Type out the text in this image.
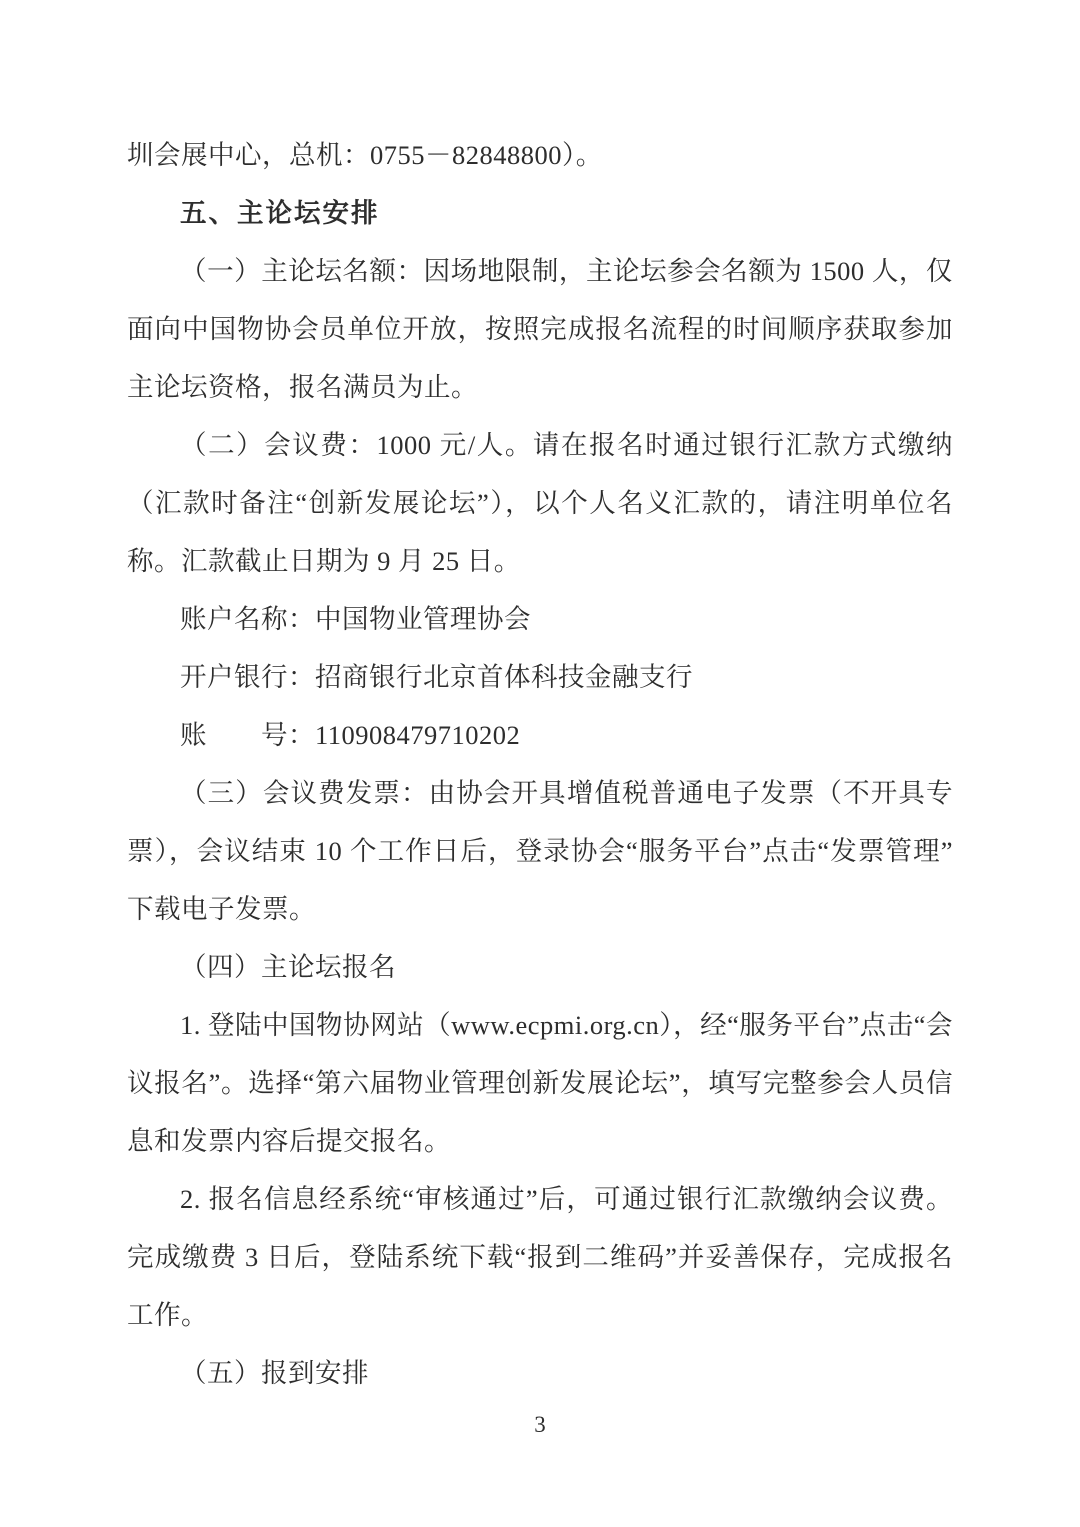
圳会展中心，总机：0755－82848800）。

五、主论坛安排

（一）主论坛名额：因场地限制，主论坛参会名额为 1500 人，仅面向中国物协会员单位开放，按照完成报名流程的时间顺序获取参加主论坛资格，报名满员为止。

（二）会议费：1000 元/人。请在报名时通过银行汇款方式缴纳（汇款时备注“创新发展论坛”），以个人名义汇款的，请注明单位名称。汇款截止日期为 9 月 25 日。

账户名称：中国物业管理协会

开户银行：招商银行北京首体科技金融支行

账　　号：110908479710202

（三）会议费发票：由协会开具增值税普通电子发票（不开具专票），会议结束 10 个工作日后，登录协会“服务平台”点击“发票管理”下载电子发票。

（四）主论坛报名

1. 登陆中国物协网站（www.ecpmi.org.cn），经“服务平台”点击“会议报名”。选择“第六届物业管理创新发展论坛”，填写完整参会人员信息和发票内容后提交报名。

2. 报名信息经系统“审核通过”后，可通过银行汇款缴纳会议费。完成缴费 3 日后，登陆系统下载“报到二维码”并妥善保存，完成报名工作。

（五）报到安排

3
